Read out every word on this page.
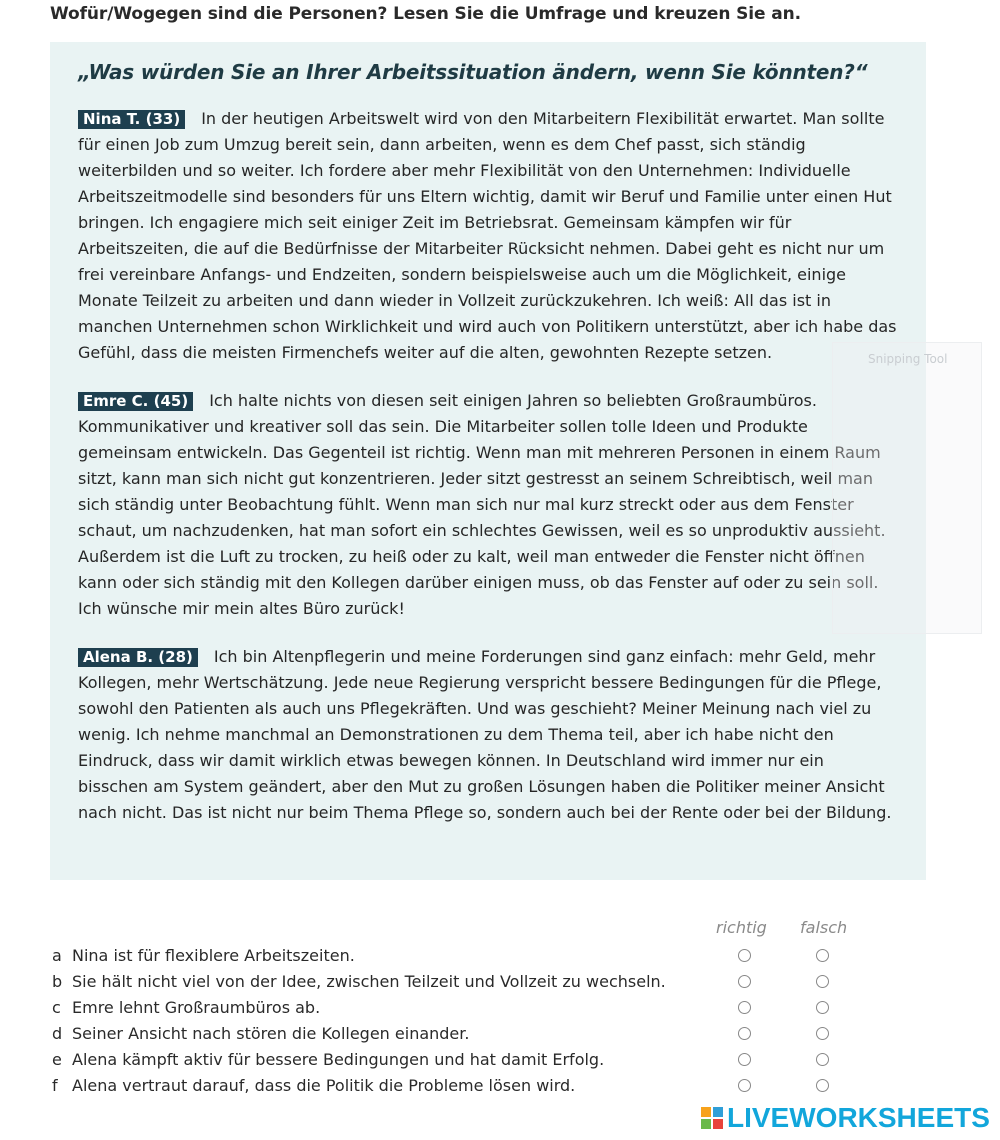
Wofür/Wogegen sind die Personen? Lesen Sie die Umfrage und kreuzen Sie an.
„Was würden Sie an Ihrer Arbeitssituation ändern, wenn Sie könnten?“
Nina T. (33) In der heutigen Arbeitswelt wird von den Mitarbeitern Flexibilität erwartet. Man sollte für einen Job zum Umzug bereit sein, dann arbeiten, wenn es dem Chef passt, sich ständig weiterbilden und so weiter. Ich fordere aber mehr Flexibilität von den Unternehmen: Individuelle Arbeitszeitmodelle sind besonders für uns Eltern wichtig, damit wir Beruf und Familie unter einen Hut bringen. Ich engagiere mich seit einiger Zeit im Betriebsrat. Gemeinsam kämpfen wir für Arbeitszeiten, die auf die Bedürfnisse der Mitarbeiter Rücksicht nehmen. Dabei geht es nicht nur um frei vereinbare Anfangs- und Endzeiten, sondern beispielsweise auch um die Möglichkeit, einige Monate Teilzeit zu arbeiten und dann wieder in Vollzeit zurückzukehren. Ich weiß: All das ist in manchen Unternehmen schon Wirklichkeit und wird auch von Politikern unterstützt, aber ich habe das Gefühl, dass die meisten Firmenchefs weiter auf die alten, gewohnten Rezepte setzen.
Emre C. (45) Ich halte nichts von diesen seit einigen Jahren so beliebten Großraumbüros. Kommunikativer und kreativer soll das sein. Die Mitarbeiter sollen tolle Ideen und Produkte gemeinsam entwickeln. Das Gegenteil ist richtig. Wenn man mit mehreren Personen in einem Raum sitzt, kann man sich nicht gut konzentrieren. Jeder sitzt gestresst an seinem Schreibtisch, weil man sich ständig unter Beobachtung fühlt. Wenn man sich nur mal kurz streckt oder aus dem Fenster schaut, um nachzudenken, hat man sofort ein schlechtes Gewissen, weil es so unproduktiv aussieht. Außerdem ist die Luft zu trocken, zu heiß oder zu kalt, weil man entweder die Fenster nicht öffnen kann oder sich ständig mit den Kollegen darüber einigen muss, ob das Fenster auf oder zu sein soll. Ich wünsche mir mein altes Büro zurück!
Alena B. (28) Ich bin Altenpflegerin und meine Forderungen sind ganz einfach: mehr Geld, mehr Kollegen, mehr Wertschätzung. Jede neue Regierung verspricht bessere Bedingungen für die Pflege, sowohl den Patienten als auch uns Pflegekräften. Und was geschieht? Meiner Meinung nach viel zu wenig. Ich nehme manchmal an Demonstrationen zu dem Thema teil, aber ich habe nicht den Eindruck, dass wir damit wirklich etwas bewegen können. In Deutschland wird immer nur ein bisschen am System geändert, aber den Mut zu großen Lösungen haben die Politiker meiner Ansicht nach nicht. Das ist nicht nur beim Thema Pflege so, sondern auch bei der Rente oder bei der Bildung.
Snipping Tool
richtig falsch
a Nina ist für flexiblere Arbeitszeiten.
b Sie hält nicht viel von der Idee, zwischen Teilzeit und Vollzeit zu wechseln.
c Emre lehnt Großraumbüros ab.
d Seiner Ansicht nach stören die Kollegen einander.
e Alena kämpft aktiv für bessere Bedingungen und hat damit Erfolg.
f Alena vertraut darauf, dass die Politik die Probleme lösen wird.
LIVEWORKSHEETS
